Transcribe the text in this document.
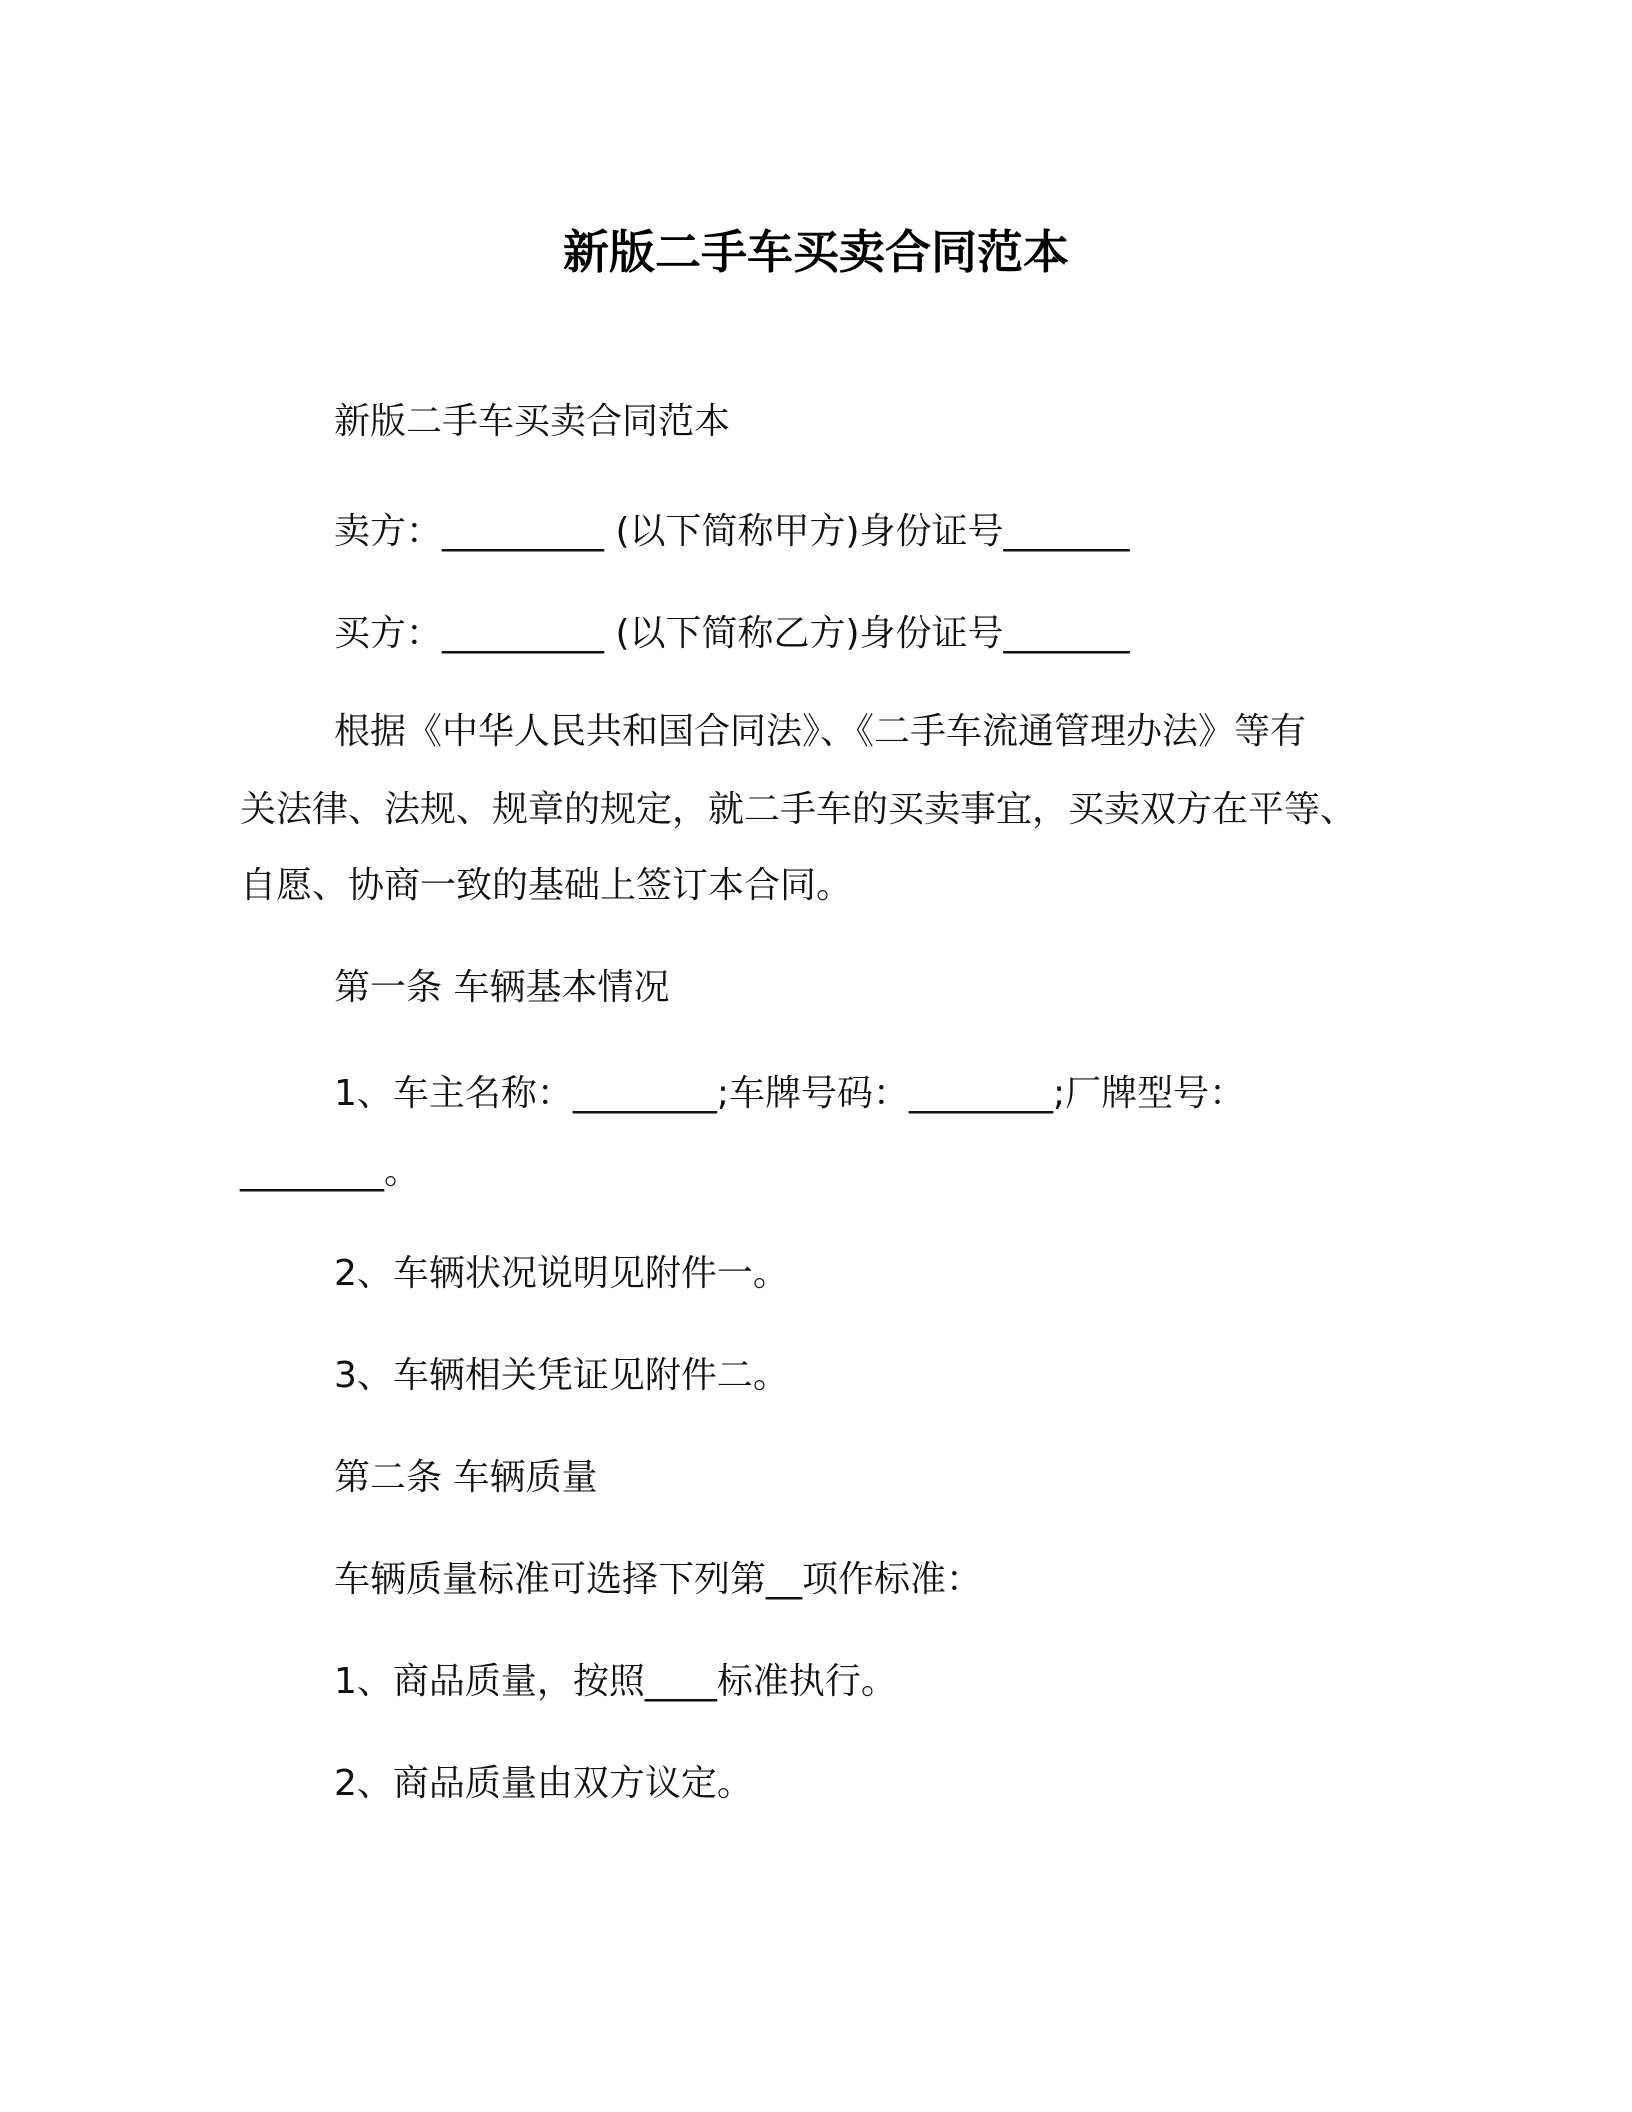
新版二手车买卖合同范本
新版二手车买卖合同范本
卖方：_________ (以下简称甲方)身份证号_______
买方：_________ (以下简称乙方)身份证号_______
根据《中华人民共和国合同法》、《二手车流通管理办法》等有
关法律、法规、规章的规定，就二手车的买卖事宜，买卖双方在平等、
自愿、协商一致的基础上签订本合同。
第一条 车辆基本情况
1、车主名称：________;车牌号码：________;厂牌型号：
________。
2、车辆状况说明见附件一。
3、车辆相关凭证见附件二。
第二条 车辆质量
车辆质量标准可选择下列第__项作标准：
1、商品质量，按照____标准执行。
2、商品质量由双方议定。
